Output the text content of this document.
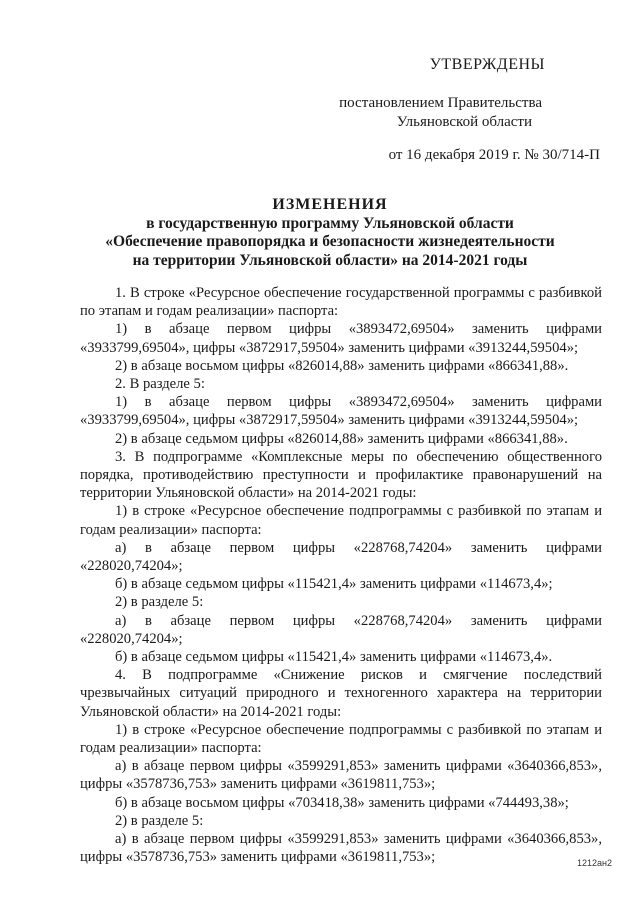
УТВЕРЖДЕНЫ
постановлением Правительства
Ульяновской области
от 16 декабря 2019 г. № 30/714-П
ИЗМЕНЕНИЯ
в государственную программу Ульяновской области
«Обеспечение правопорядка и безопасности жизнедеятельности
на территории Ульяновской области» на 2014-2021 годы

1. В строке «Ресурсное обеспечение государственной программы с разбивкой по этапам и годам реализации» паспорта:

1) в абзаце первом цифры «3893472,69504» заменить цифрами «3933799,69504», цифры «3872917,59504» заменить цифрами «3913244,59504»;

2) в абзаце восьмом цифры «826014,88» заменить цифрами «866341,88».

2. В разделе 5:

1) в абзаце первом цифры «3893472,69504» заменить цифрами «3933799,69504», цифры «3872917,59504» заменить цифрами «3913244,59504»;

2) в абзаце седьмом цифры «826014,88» заменить цифрами «866341,88».

3. В подпрограмме «Комплексные меры по обеспечению общественного порядка, противодействию преступности и профилактике правонарушений на территории Ульяновской области» на 2014-2021 годы:

1) в строке «Ресурсное обеспечение подпрограммы с разбивкой по этапам и годам реализации» паспорта:

а) в абзаце первом цифры «228768,74204» заменить цифрами «228020,74204»;

б) в абзаце седьмом цифры «115421,4» заменить цифрами «114673,4»;

2) в разделе 5:

а) в абзаце первом цифры «228768,74204» заменить цифрами «228020,74204»;

б) в абзаце седьмом цифры «115421,4» заменить цифрами «114673,4».

4. В подпрограмме «Снижение рисков и смягчение последствий чрезвычайных ситуаций природного и техногенного характера на территории Ульяновской области» на 2014-2021 годы:

1) в строке «Ресурсное обеспечение подпрограммы с разбивкой по этапам и годам реализации» паспорта:

а) в абзаце первом цифры «3599291,853» заменить цифрами «3640366,853», цифры «3578736,753» заменить цифрами «3619811,753»;

б) в абзаце восьмом цифры «703418,38» заменить цифрами «744493,38»;

2) в разделе 5:

а) в абзаце первом цифры «3599291,853» заменить цифрами «3640366,853», цифры «3578736,753» заменить цифрами «3619811,753»;	1212ан2
